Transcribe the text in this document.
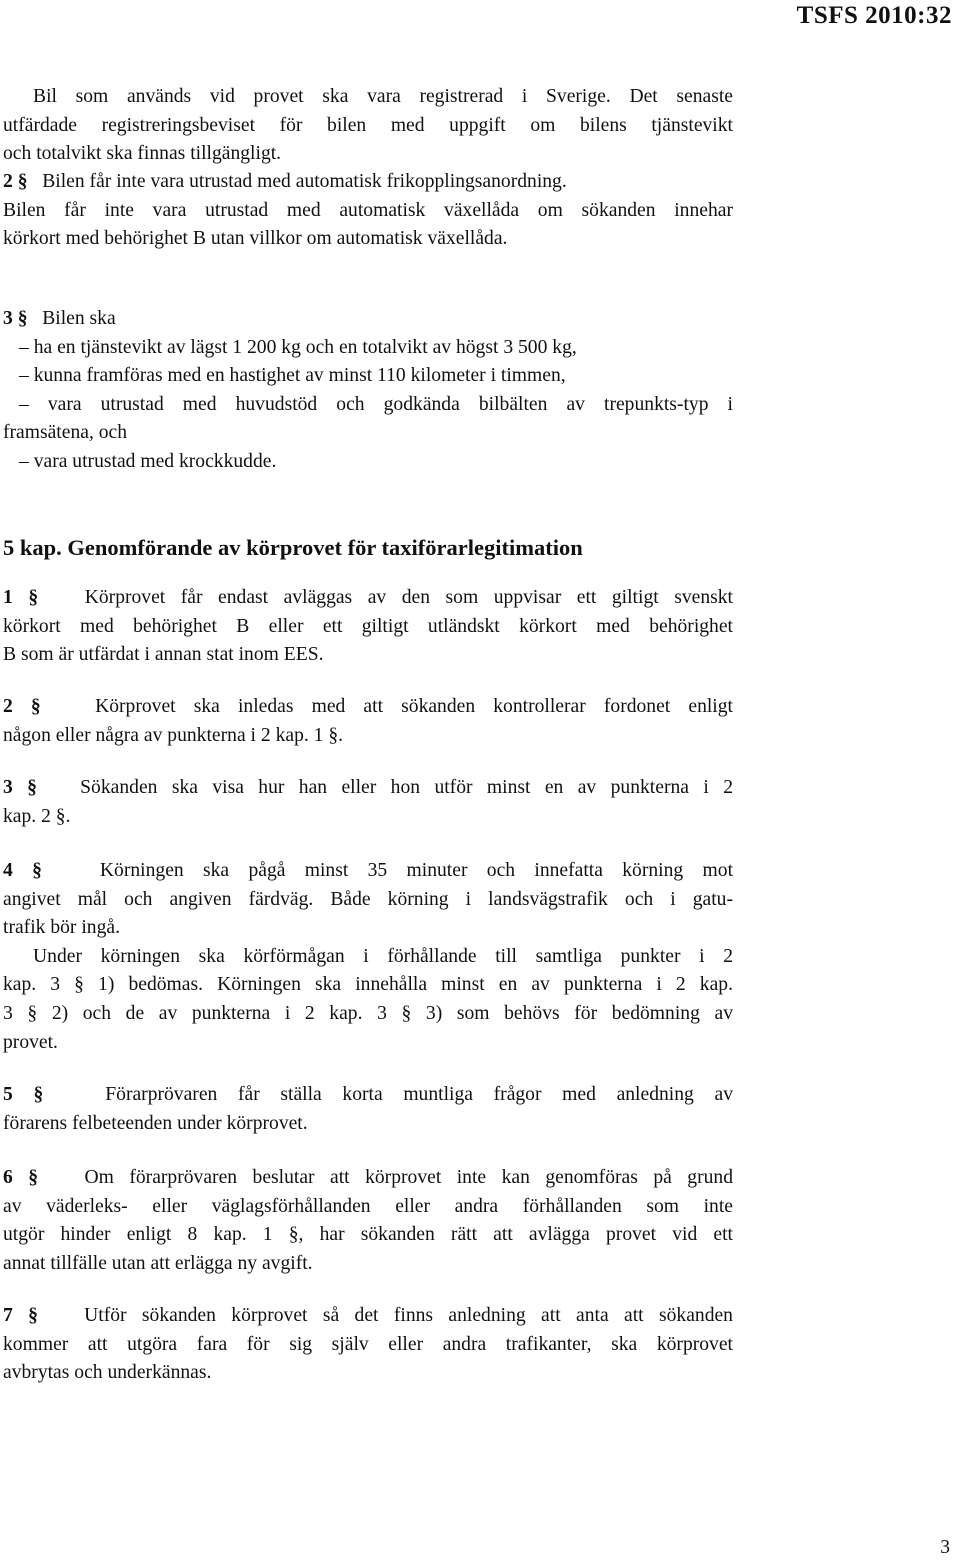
TSFS 2010:32
Bil som används vid provet ska vara registrerad i Sverige. Det senaste
utfärdade registreringsbeviset för bilen med uppgift om bilens tjänstevikt
och totalvikt ska finnas tillgängligt.
2 § Bilen får inte vara utrustad med automatisk frikopplingsanordning.
Bilen får inte vara utrustad med automatisk växellåda om sökanden innehar
körkort med behörighet B utan villkor om automatisk växellåda.
3 § Bilen ska
– ha en tjänstevikt av lägst 1 200 kg och en totalvikt av högst 3 500 kg,
– kunna framföras med en hastighet av minst 110 kilometer i timmen,
– vara utrustad med huvudstöd och godkända bilbälten av trepunkts-typ i
framsätena, och
– vara utrustad med krockkudde.
5 kap. Genomförande av körprovet för taxiförarlegitimation
1 § Körprovet får endast avläggas av den som uppvisar ett giltigt svenskt
körkort med behörighet B eller ett giltigt utländskt körkort med behörighet
B som är utfärdat i annan stat inom EES.
2 §	Körprovet ska inledas med att sökanden kontrollerar fordonet enligt
någon eller några av punkterna i 2 kap. 1 §.
3 § Sökanden ska visa hur han eller hon utför minst en av punkterna i 2
kap. 2 §.
4 §	Körningen ska pågå minst 35 minuter och innefatta körning mot
angivet mål och angiven färdväg. Både körning i landsvägstrafik och i gatu-
trafik bör ingå.
Under körningen ska körförmågan i förhållande till samtliga punkter i 2
kap. 3 § 1) bedömas. Körningen ska innehålla minst en av punkterna i 2 kap.
3 § 2) och de av punkterna i 2 kap. 3 § 3) som behövs för bedömning av
provet.
5 §	Förarprövaren får ställa korta muntliga frågor med anledning av
förarens felbeteenden under körprovet.
6 § Om förarprövaren beslutar att körprovet inte kan genomföras på grund
av väderleks- eller väglagsförhållanden eller andra förhållanden som inte
utgör hinder enligt 8 kap. 1 §, har sökanden rätt att avlägga provet vid ett
annat tillfälle utan att erlägga ny avgift.
7 § Utför sökanden körprovet så det finns anledning att anta att sökanden
kommer att utgöra fara för sig själv eller andra trafikanter, ska körprovet
avbrytas och underkännas.
3
